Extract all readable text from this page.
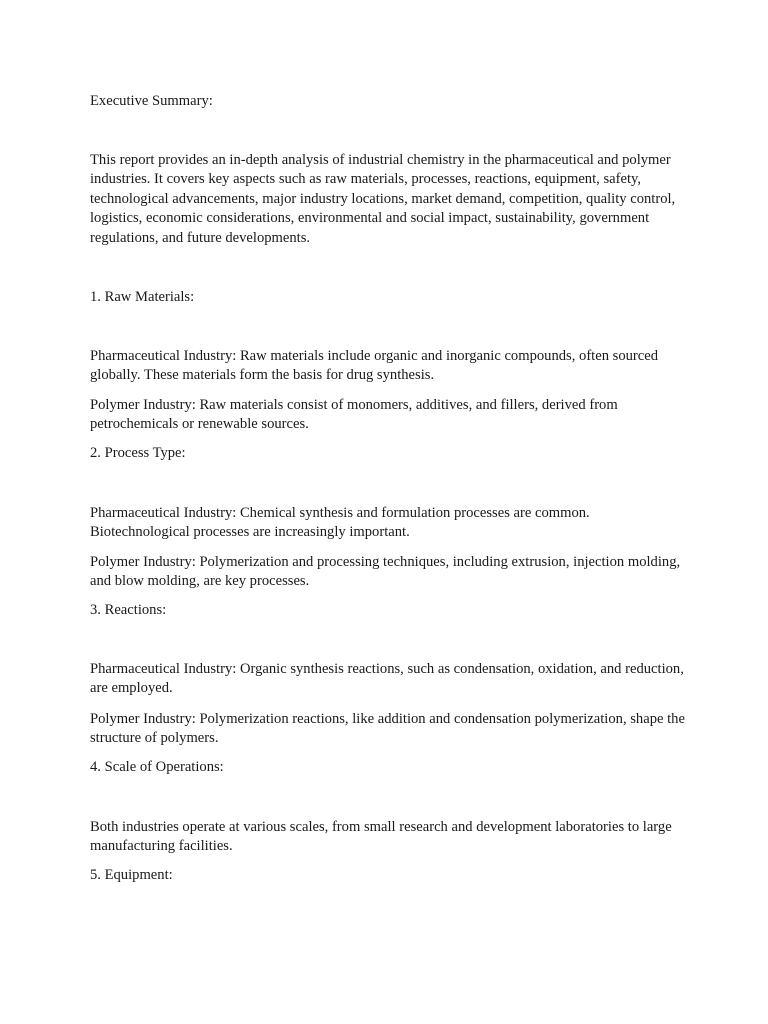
Executive Summary:

This report provides an in-depth analysis of industrial chemistry in the pharmaceutical and polymer industries. It covers key aspects such as raw materials, processes, reactions, equipment, safety, technological advancements, major industry locations, market demand, competition, quality control, logistics, economic considerations, environmental and social impact, sustainability, government regulations, and future developments.

1. Raw Materials:

Pharmaceutical Industry: Raw materials include organic and inorganic compounds, often sourced globally. These materials form the basis for drug synthesis.

Polymer Industry: Raw materials consist of monomers, additives, and fillers, derived from petrochemicals or renewable sources.

2. Process Type:

Pharmaceutical Industry: Chemical synthesis and formulation processes are common. Biotechnological processes are increasingly important.

Polymer Industry: Polymerization and processing techniques, including extrusion, injection molding, and blow molding, are key processes.

3. Reactions:

Pharmaceutical Industry: Organic synthesis reactions, such as condensation, oxidation, and reduction, are employed.

Polymer Industry: Polymerization reactions, like addition and condensation polymerization, shape the structure of polymers.

4. Scale of Operations:

Both industries operate at various scales, from small research and development laboratories to large manufacturing facilities.

5. Equipment:
